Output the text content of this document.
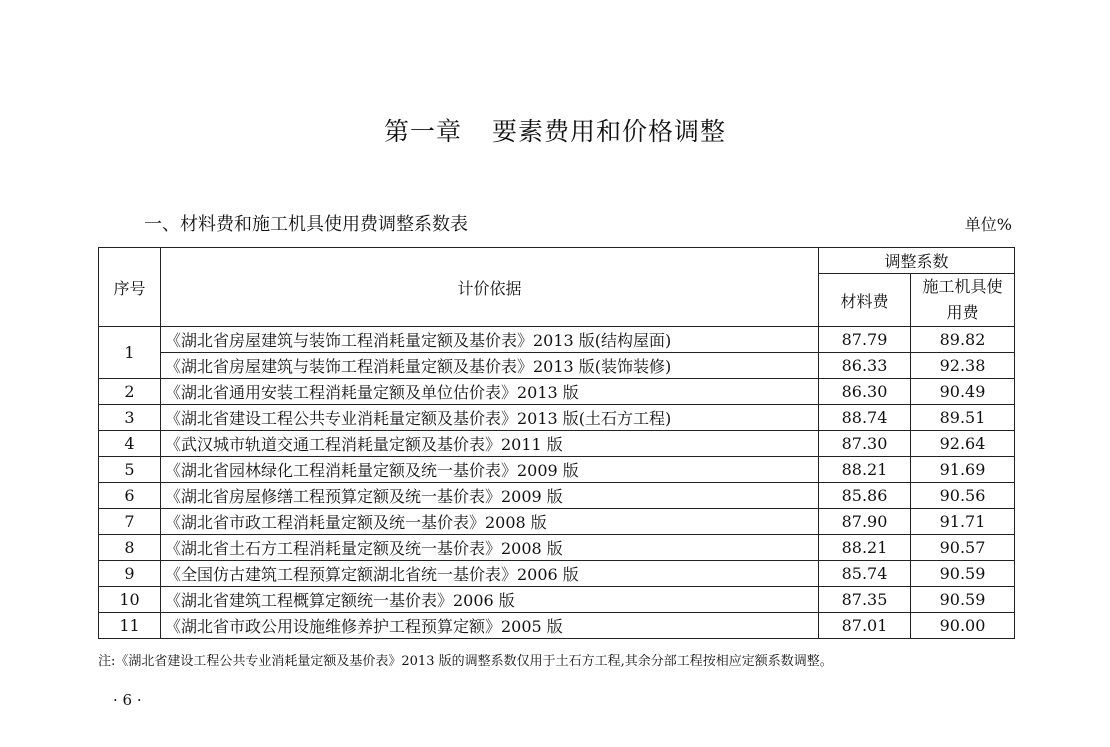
第一章 要素费用和价格调整
一、材料费和施工机具使用费调整系数表	单位%
序号	计价依据	调整系数	
		材料费	施工机具使用费
1	《湖北省房屋建筑与装饰工程消耗量定额及基价表》2013 版(结构屋面)	87.79	89.82
	《湖北省房屋建筑与装饰工程消耗量定额及基价表》2013 版(装饰装修)	86.33	92.38
2	《湖北省通用安装工程消耗量定额及单位估价表》2013 版	86.30	90.49
3	《湖北省建设工程公共专业消耗量定额及基价表》2013 版(土石方工程)	88.74	89.51
4	《武汉城市轨道交通工程消耗量定额及基价表》2011 版	87.30	92.64
5	《湖北省园林绿化工程消耗量定额及统一基价表》2009 版	88.21	91.69
6	《湖北省房屋修缮工程预算定额及统一基价表》2009 版	85.86	90.56
7	《湖北省市政工程消耗量定额及统一基价表》2008 版	87.90	91.71
8	《湖北省土石方工程消耗量定额及统一基价表》2008 版	88.21	90.57
9	《全国仿古建筑工程预算定额湖北省统一基价表》2006 版	85.74	90.59
10	《湖北省建筑工程概算定额统一基价表》2006 版	87.35	90.59
11	《湖北省市政公用设施维修养护工程预算定额》2005 版	87.01	90.00
注:《湖北省建设工程公共专业消耗量定额及基价表》2013 版的调整系数仅用于土石方工程,其余分部工程按相应定额系数调整。
· 6 ·
